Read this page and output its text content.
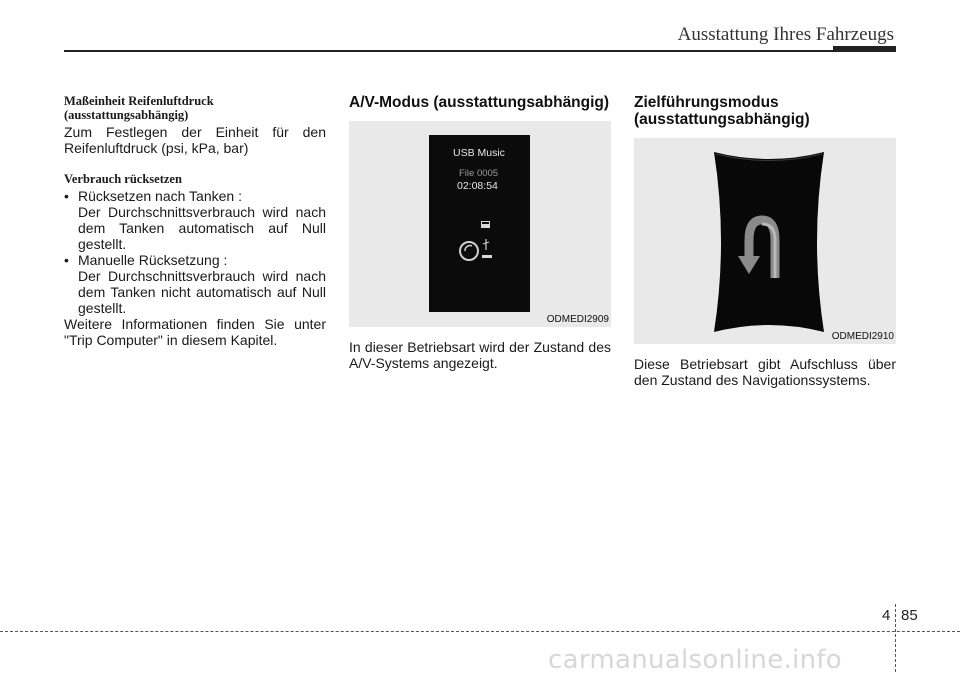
Ausstattung Ihres Fahrzeugs

Maßeinheit Reifenluftdruck (ausstattungsabhängig)

Zum Festlegen der Einheit für den Reifenluftdruck (psi, kPa, bar)

Verbrauch rücksetzen

• Rücksetzen nach Tanken :

Der Durchschnittsverbrauch wird nach dem Tanken automatisch auf Null gestellt.

• Manuelle Rücksetzung :

Der Durchschnittsverbrauch wird nach dem Tanken nicht automatisch auf Null gestellt.

Weitere Informationen finden Sie unter "Trip Computer" in diesem Kapitel.

A/V-Modus (ausstattungsabhängig)

USB Music
File 0005
02:08:54
ODMEDI2909

In dieser Betriebsart wird der Zustand des A/V-Systems angezeigt.

Zielführungsmodus (ausstattungsabhängig)

ODMEDI2910

Diese Betriebsart gibt Aufschluss über den Zustand des Navigationssystems.

4 85
carmanualsonline.info
